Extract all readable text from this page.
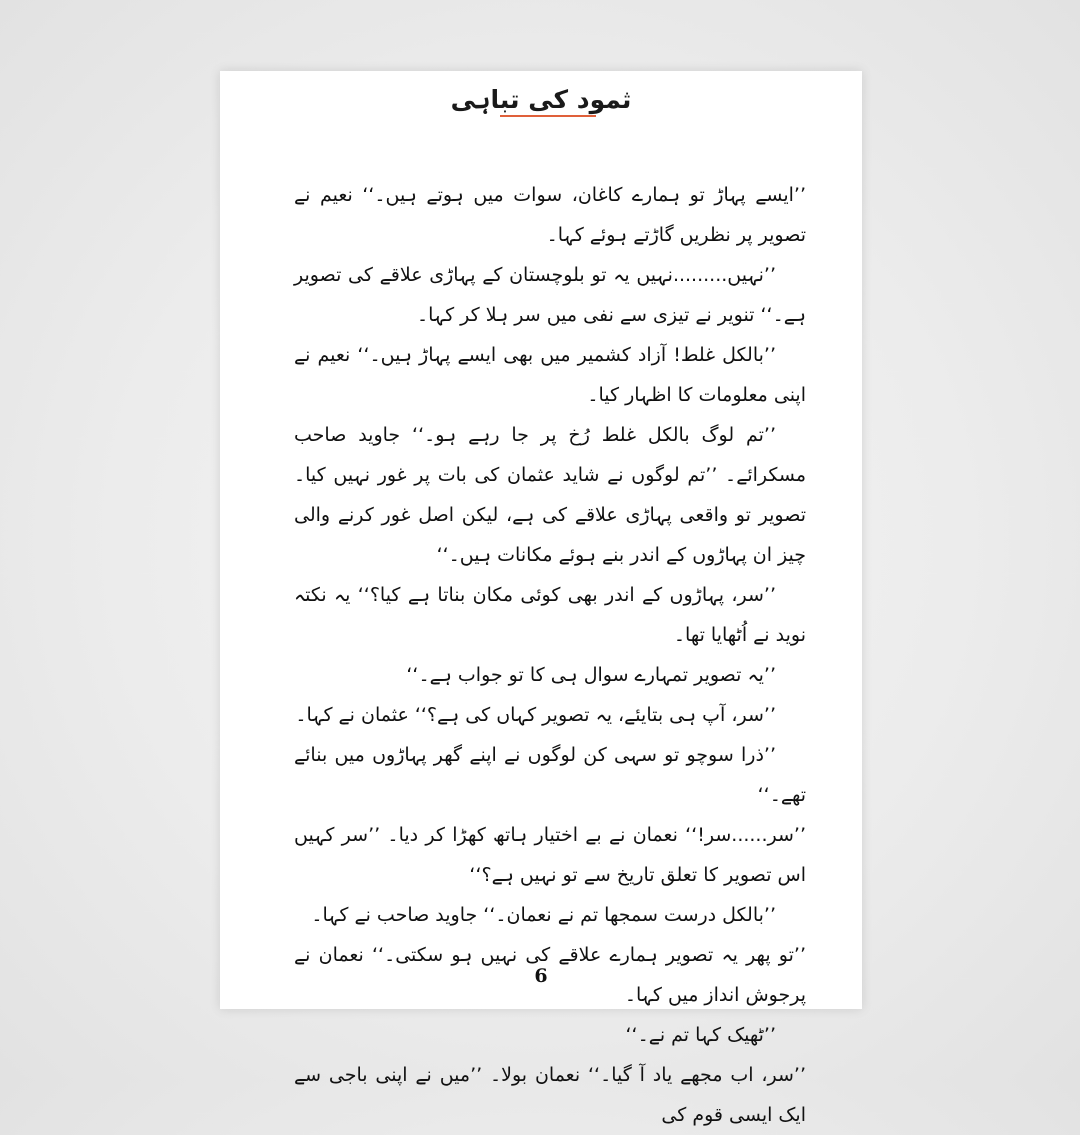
ثمود کی تباہی

’’ایسے پہاڑ تو ہمارے کاغان، سوات میں ہوتے ہیں۔‘‘ نعیم نے تصویر پر نظریں گاڑتے ہوئے کہا۔

’’نہیں.........نہیں یہ تو بلوچستان کے پہاڑی علاقے کی تصویر ہے۔‘‘ تنویر نے تیزی سے نفی میں سر ہلا کر کہا۔

’’بالکل غلط! آزاد کشمیر میں بھی ایسے پہاڑ ہیں۔‘‘ نعیم نے اپنی معلومات کا اظہار کیا۔

’’تم لوگ بالکل غلط رُخ پر جا رہے ہو۔‘‘ جاوید صاحب مسکرائے۔ ’’تم لوگوں نے شاید عثمان کی بات پر غور نہیں کیا۔ تصویر تو واقعی پہاڑی علاقے کی ہے، لیکن اصل غور کرنے والی چیز ان پہاڑوں کے اندر بنے ہوئے مکانات ہیں۔‘‘

’’سر، پہاڑوں کے اندر بھی کوئی مکان بناتا ہے کیا؟‘‘ یہ نکتہ نوید نے اُٹھایا تھا۔

’’یہ تصویر تمہارے سوال ہی کا تو جواب ہے۔‘‘

’’سر، آپ ہی بتایئے، یہ تصویر کہاں کی ہے؟‘‘ عثمان نے کہا۔

’’ذرا سوچو تو سہی کن لوگوں نے اپنے گھر پہاڑوں میں بنائے تھے۔‘‘

’’سر......سر!‘‘ نعمان نے بے اختیار ہاتھ کھڑا کر دیا۔ ’’سر کہیں اس تصویر کا تعلق تاریخ سے تو نہیں ہے؟‘‘

’’بالکل درست سمجھا تم نے نعمان۔‘‘ جاوید صاحب نے کہا۔

’’تو پھر یہ تصویر ہمارے علاقے کی نہیں ہو سکتی۔‘‘ نعمان نے پرجوش انداز میں کہا۔

’’ٹھیک کہا تم نے۔‘‘

’’سر، اب مجھے یاد آ گیا۔‘‘ نعمان بولا۔ ’’میں نے اپنی باجی سے ایک ایسی قوم کی

6
